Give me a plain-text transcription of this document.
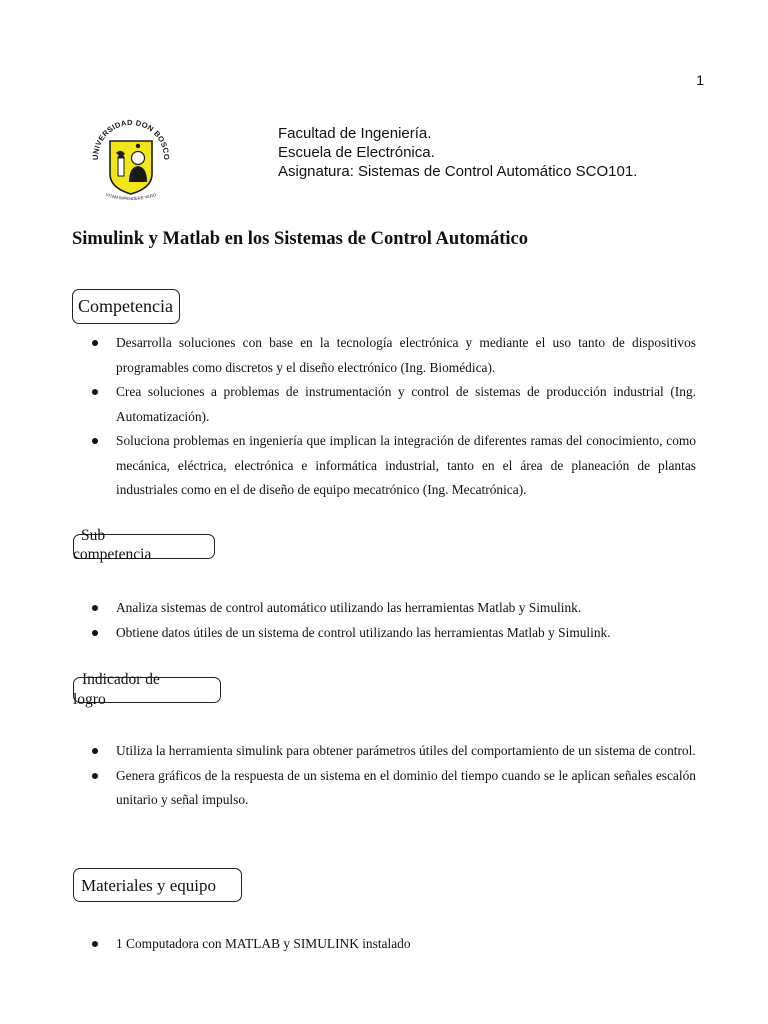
1
UNIVERSIDAD DON BOSCO
VITAM IMPENDERE VERO
Facultad de Ingeniería.
Escuela de Electrónica.
Asignatura: Sistemas de Control Automático SCO101.
Simulink y Matlab en los Sistemas de Control Automático
Competencia
Desarrolla soluciones con base en la tecnología electrónica y mediante el uso tanto de dispositivos programables como discretos y el diseño electrónico (Ing. Biomédica).
Crea soluciones a problemas de instrumentación y control de sistemas de producción industrial (Ing. Automatización).
Soluciona problemas en ingeniería que implican la integración de diferentes ramas del conocimiento, como mecánica, eléctrica, electrónica e informática industrial, tanto en el área de planeación de plantas industriales como en el de diseño de equipo mecatrónico (Ing. Mecatrónica).
Sub
competencia
Analiza sistemas de control automático utilizando las herramientas Matlab y Simulink.
Obtiene datos útiles de un sistema de control utilizando las herramientas Matlab y Simulink.
Indicador de
logro
Utiliza la herramienta simulink para obtener parámetros útiles del comportamiento de un sistema de control.
Genera gráficos de la respuesta de un sistema en el dominio del tiempo cuando se le aplican señales escalón unitario y señal impulso.
Materiales y equipo
1 Computadora con MATLAB y SIMULINK instalado
